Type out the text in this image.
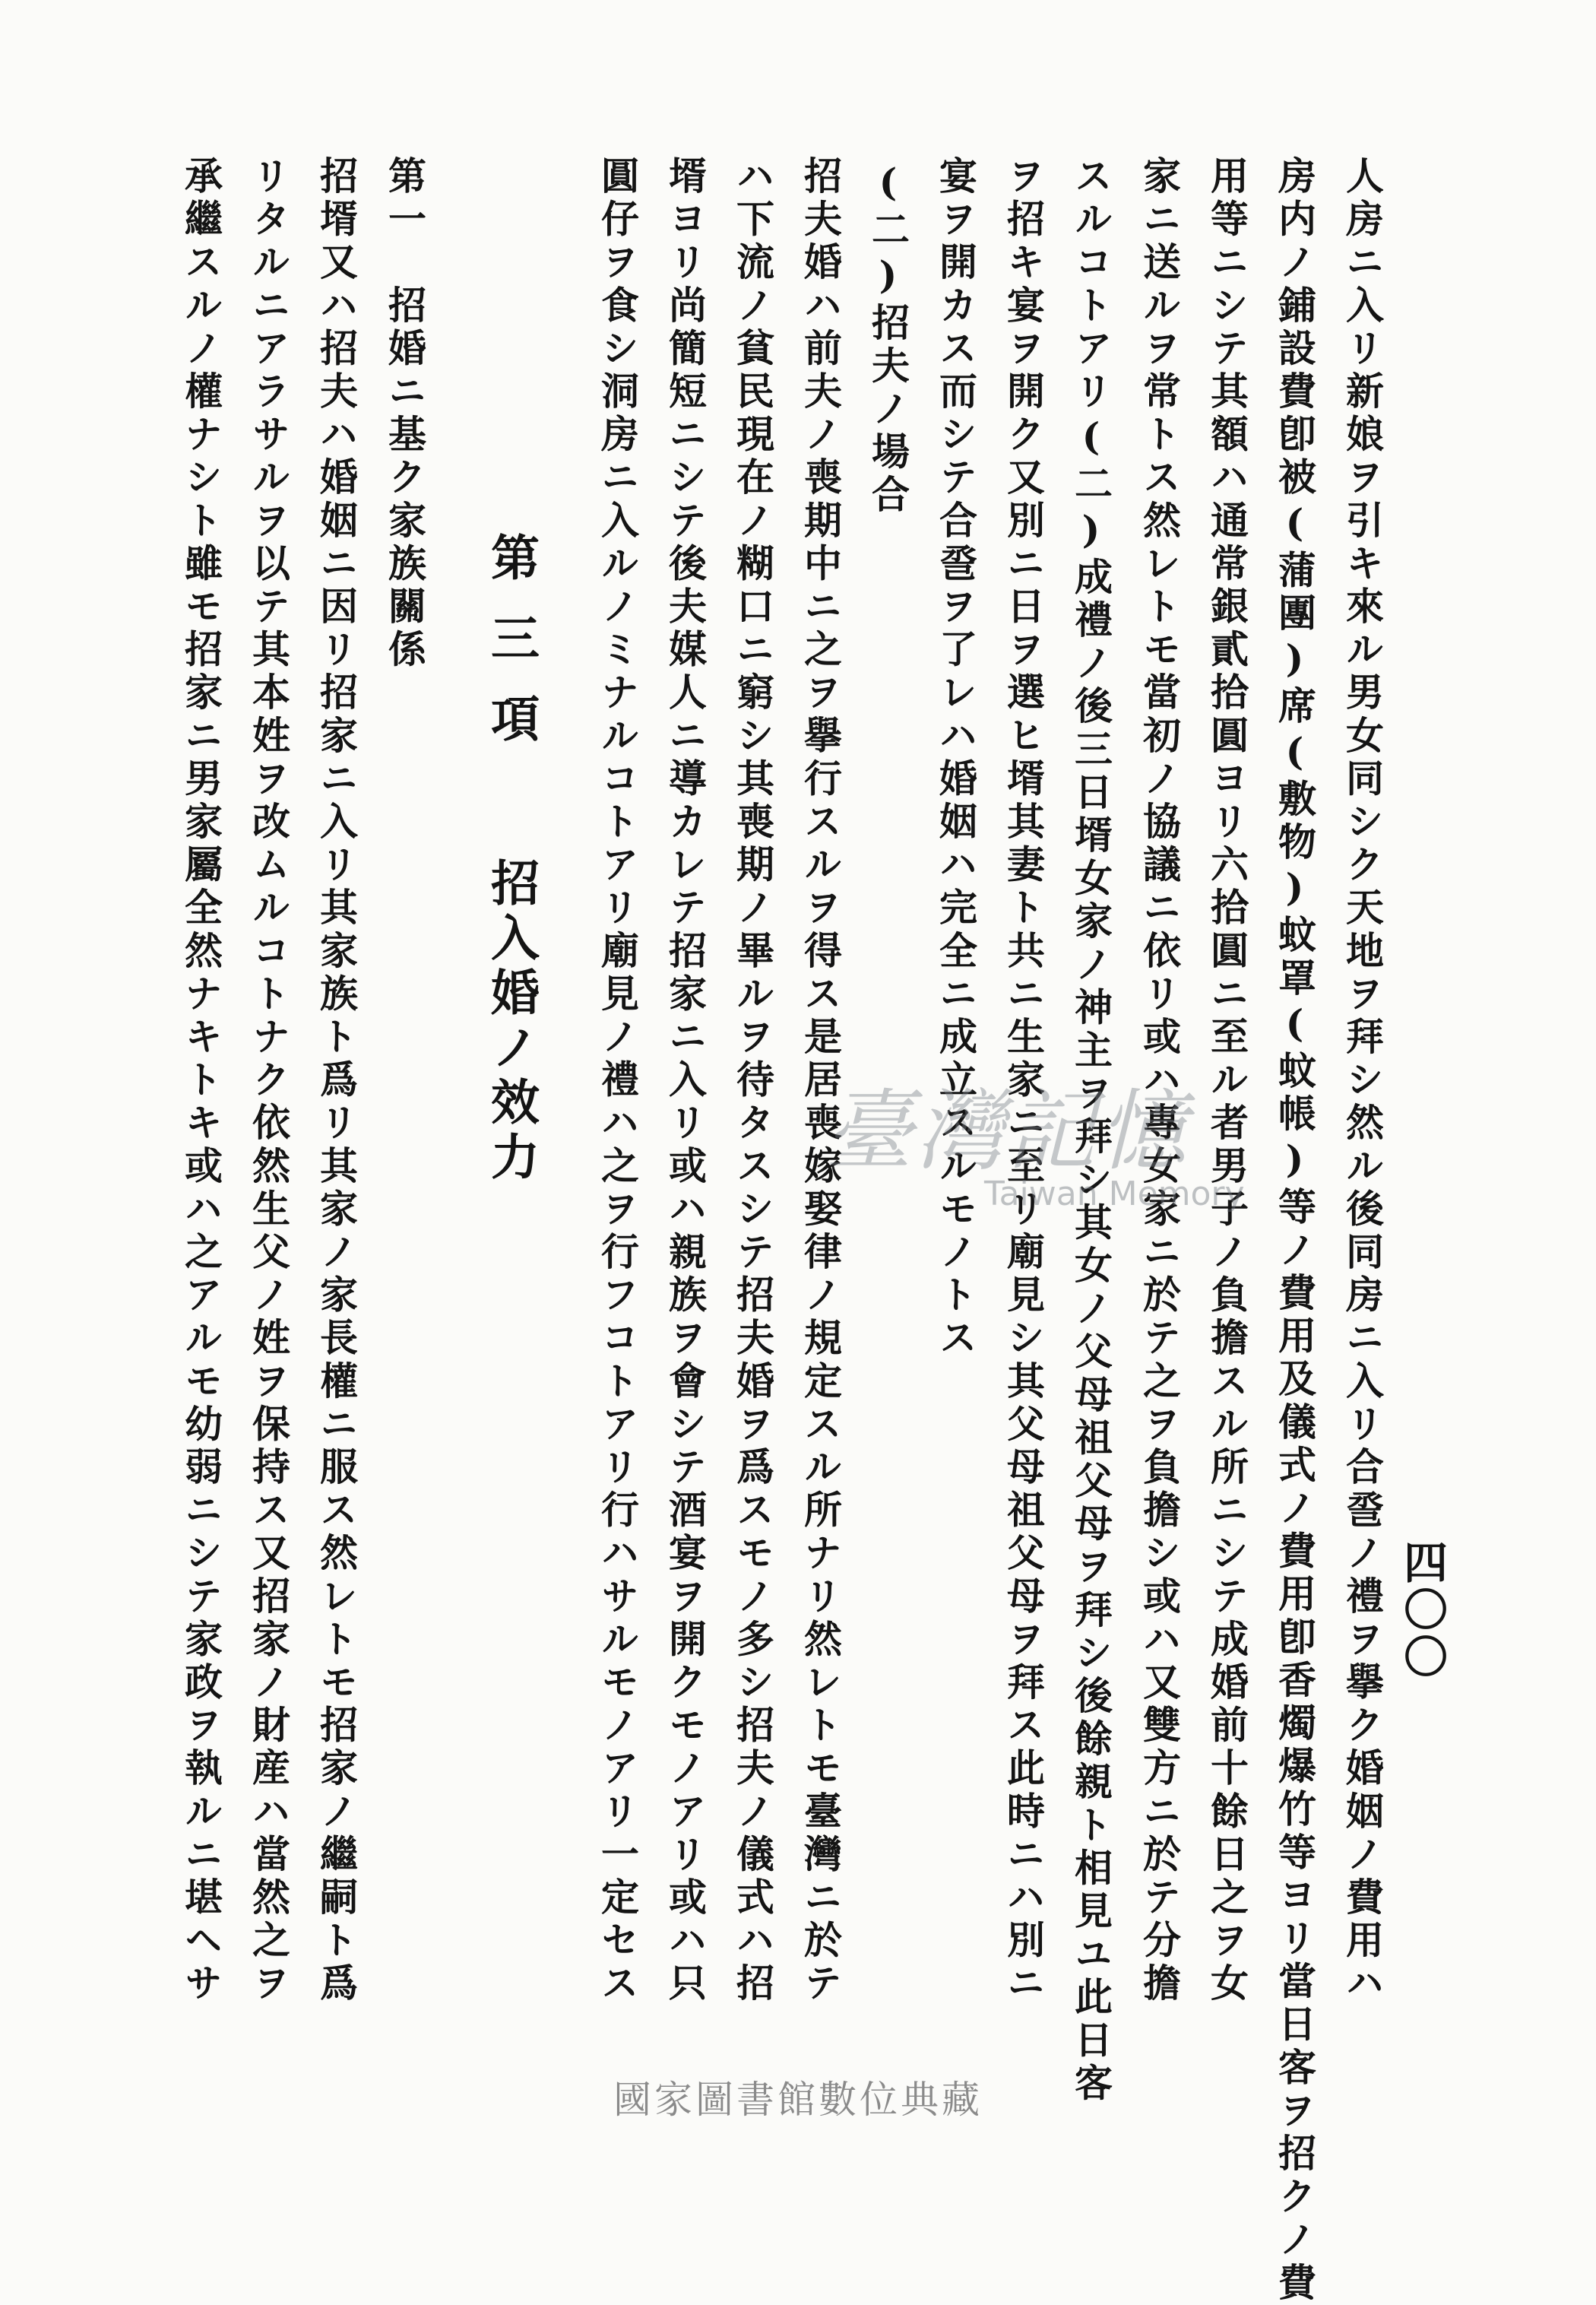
四〇〇
人房ニ入リ新娘ヲ引キ來ル男女同シク天地ヲ拜シ然ル後同房ニ入リ合巹ノ禮ヲ擧ク婚姻ノ費用ハ
房内ノ鋪設費卽被(蒲團)席(敷物)蚊罩(蚊帳)等ノ費用及儀式ノ費用卽香燭爆竹等ヨリ當日客ヲ招クノ費
用等ニシテ其額ハ通常銀貳拾圓ヨリ六拾圓ニ至ル者男子ノ負擔スル所ニシテ成婚前十餘日之ヲ女
家ニ送ルヲ常トス然レトモ當初ノ協議ニ依リ或ハ專女家ニ於テ之ヲ負擔シ或ハ又雙方ニ於テ分擔
スルコトアリ(二)成禮ノ後三日壻女家ノ神主ヲ拜シ其女ノ父母祖父母ヲ拜シ後餘親ト相見ユ此日客
ヲ招キ宴ヲ開ク又別ニ日ヲ選ヒ壻其妻ト共ニ生家ニ至リ廟見シ其父母祖父母ヲ拜ス此時ニハ別ニ
宴ヲ開カス而シテ合巹ヲ了レハ婚姻ハ完全ニ成立スルモノトス
(二)招夫ノ場合
招夫婚ハ前夫ノ喪期中ニ之ヲ擧行スルヲ得ス是居喪嫁娶律ノ規定スル所ナリ然レトモ臺灣ニ於テ
ハ下流ノ貧民現在ノ糊口ニ窮シ其喪期ノ畢ルヲ待タスシテ招夫婚ヲ爲スモノ多シ招夫ノ儀式ハ招
壻ヨリ尚簡短ニシテ後夫媒人ニ導カレテ招家ニ入リ或ハ親族ヲ會シテ酒宴ヲ開クモノアリ或ハ只
圓仔ヲ食シ洞房ニ入ルノミナルコトアリ廟見ノ禮ハ之ヲ行フコトアリ行ハサルモノアリ一定セス
第三項招入婚ノ效力
第一　招婚ニ基ク家族關係
招壻又ハ招夫ハ婚姻ニ因リ招家ニ入リ其家族ト爲リ其家ノ家長權ニ服ス然レトモ招家ノ繼嗣ト爲
リタルニアラサルヲ以テ其本姓ヲ改ムルコトナク依然生父ノ姓ヲ保持ス又招家ノ財産ハ當然之ヲ
承繼スルノ權ナシト雖モ招家ニ男家屬全然ナキトキ或ハ之アルモ幼弱ニシテ家政ヲ執ルニ堪ヘサ	臺灣記憶
Taiwan Memory
國家圖書館數位典藏
